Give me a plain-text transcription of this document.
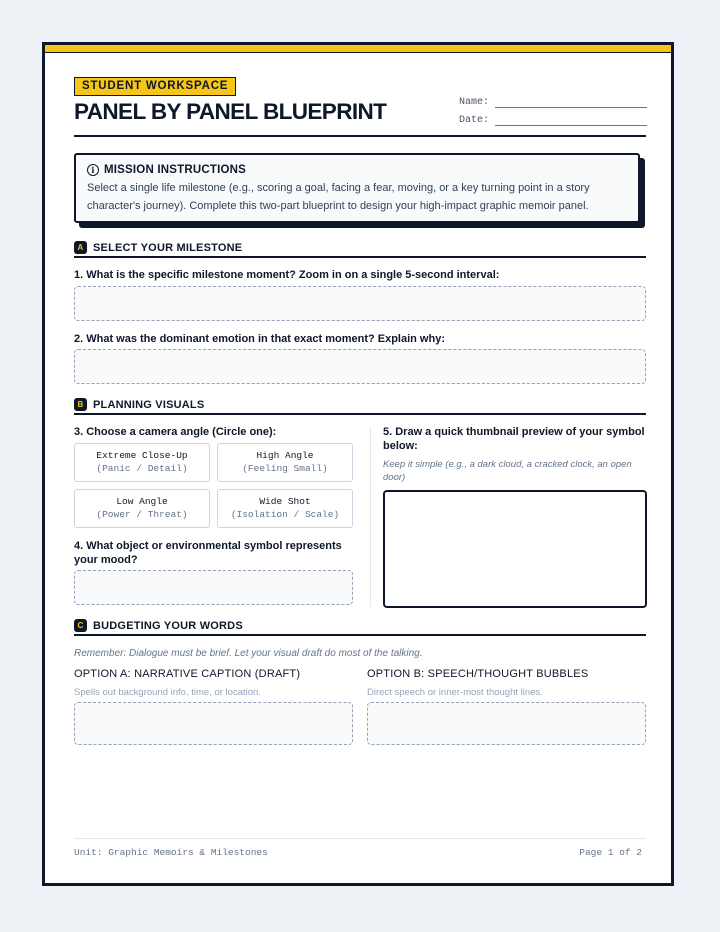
STUDENT WORKSPACE
PANEL BY PANEL BLUEPRINT	Name:
Date:
i MISSION INSTRUCTIONS
Select a single life milestone (e.g., scoring a goal, facing a fear, moving, or a key turning point in a story character's journey). Complete this two-part blueprint to design your high-impact graphic memoir panel.
A SELECT YOUR MILESTONE
1. What is the specific milestone moment? Zoom in on a single 5-second interval:
2. What was the dominant emotion in that exact moment? Explain why:
B PLANNING VISUALS
3. Choose a camera angle (Circle one):
Extreme Close-Up
(Panic / Detail)
High Angle
(Feeling Small)
Low Angle
(Power / Threat)
Wide Shot
(Isolation / Scale)
4. What object or environmental symbol represents your mood?
5. Draw a quick thumbnail preview of your symbol below:
Keep it simple (e.g., a dark cloud, a cracked clock, an open door)
C BUDGETING YOUR WORDS
Remember: Dialogue must be brief. Let your visual draft do most of the talking.
OPTION A: NARRATIVE CAPTION (DRAFT)
Spells out background info, time, or location.
OPTION B: SPEECH/THOUGHT BUBBLES
Direct speech or inner-most thought lines.
Unit: Graphic Memoirs & Milestones	Page 1 of 2
